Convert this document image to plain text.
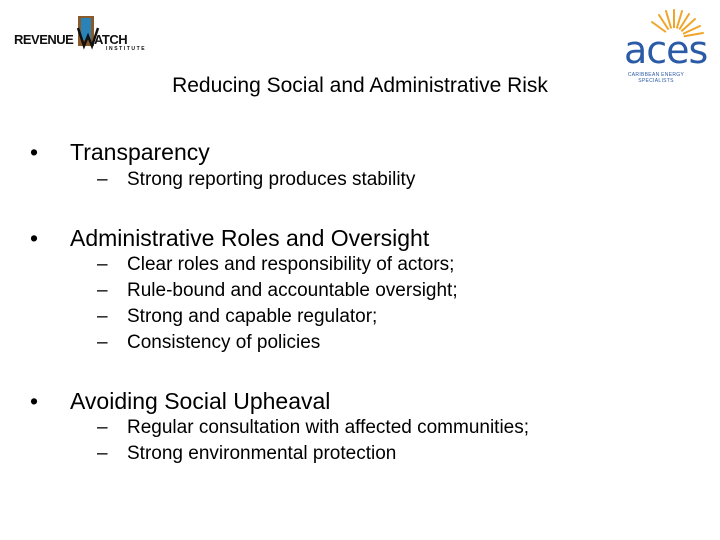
REVENUE ATCH
INSTITUTE	aces
CARIBBEAN ENERGY SPECIALISTS
Reducing Social and Administrative Risk
• Transparency
– Strong reporting produces stability
• Administrative Roles and Oversight
– Clear roles and responsibility of actors;
– Rule-bound and accountable oversight;
– Strong and capable regulator;
– Consistency of policies
• Avoiding Social Upheaval
– Regular consultation with affected communities;
– Strong environmental protection
